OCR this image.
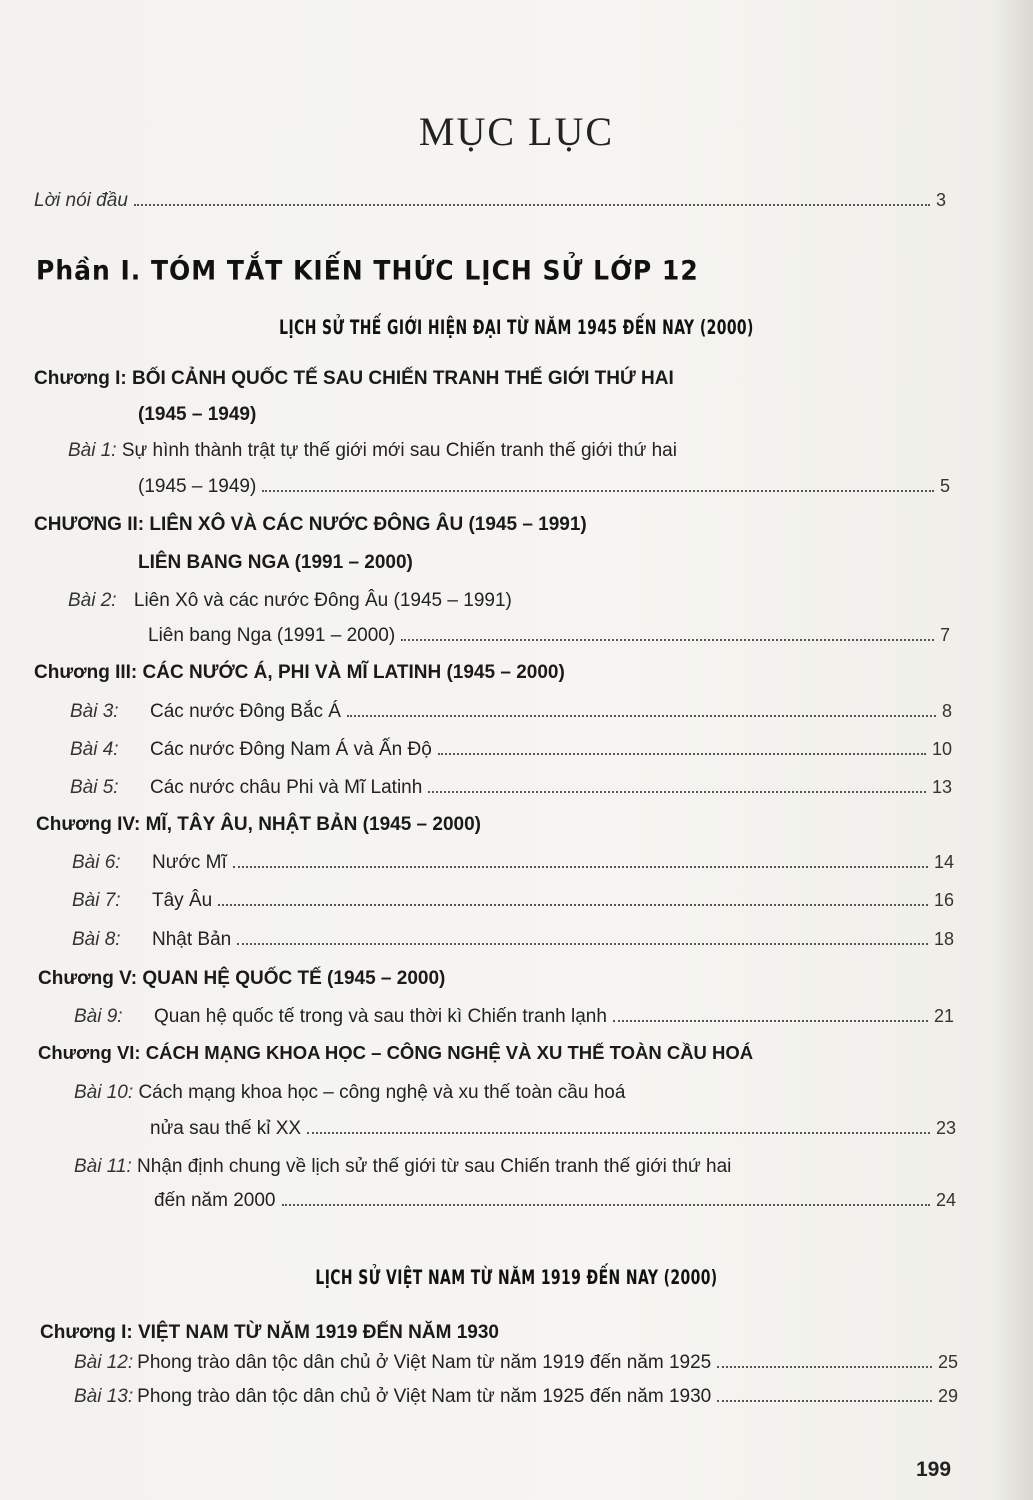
MỤC LỤC
Lời nói đầu	3
Phần I. TÓM TẮT KIẾN THỨC LỊCH SỬ LỚP 12
LỊCH SỬ THẾ GIỚI HIỆN ĐẠI TỪ NĂM 1945 ĐẾN NAY (2000)
Chương I: BỐI CẢNH QUỐC TẾ SAU CHIẾN TRANH THẾ GIỚI THỨ HAI
(1945 – 1949)
Bài 1: Sự hình thành trật tự thế giới mới sau Chiến tranh thế giới thứ hai
(1945 – 1949)	5
CHƯƠNG II: LIÊN XÔ VÀ CÁC NƯỚC ĐÔNG ÂU (1945 – 1991)
LIÊN BANG NGA (1991 – 2000)
Bài 2: Liên Xô và các nước Đông Âu (1945 – 1991)
Liên bang Nga (1991 – 2000)	7
Chương III: CÁC NƯỚC Á, PHI VÀ MĨ LATINH (1945 – 2000)
Bài 3:	Các nước Đông Bắc Á	8
Bài 4:	Các nước Đông Nam Á và Ấn Độ	10
Bài 5:	Các nước châu Phi và Mĩ Latinh	13
Chương IV: MĨ, TÂY ÂU, NHẬT BẢN (1945 – 2000)
Bài 6:	Nước Mĩ	14
Bài 7:	Tây Âu	16
Bài 8:	Nhật Bản	18
Chương V: QUAN HỆ QUỐC TẾ (1945 – 2000)
Bài 9:	Quan hệ quốc tế trong và sau thời kì Chiến tranh lạnh	21
Chương VI: CÁCH MẠNG KHOA HỌC – CÔNG NGHỆ VÀ XU THẾ TOÀN CẦU HOÁ
Bài 10: Cách mạng khoa học – công nghệ và xu thế toàn cầu hoá
nửa sau thế kỉ XX	23
Bài 11: Nhận định chung về lịch sử thế giới từ sau Chiến tranh thế giới thứ hai
đến năm 2000	24
LỊCH SỬ VIỆT NAM TỪ NĂM 1919 ĐẾN NAY (2000)
Chương I: VIỆT NAM TỪ NĂM 1919 ĐẾN NĂM 1930
Bài 12: Phong trào dân tộc dân chủ ở Việt Nam từ năm 1919 đến năm 1925	25
Bài 13: Phong trào dân tộc dân chủ ở Việt Nam từ năm 1925 đến năm 1930	29
199
